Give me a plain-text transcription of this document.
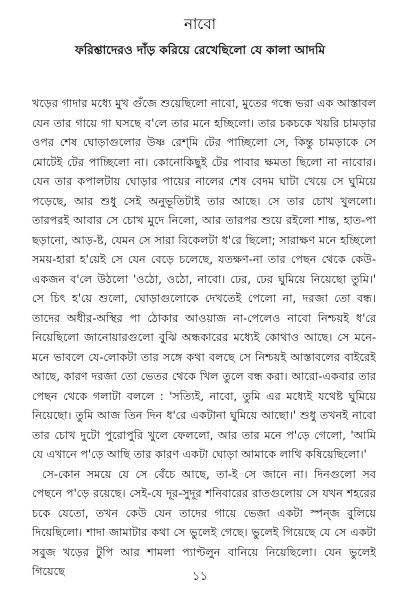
নাবো
ফরিশ্তাদেরও দাঁড় করিয়ে রেখেছিলো যে কালা আদমি

খড়ের গাদার মধ্যে মুখ গুঁজে শুয়েছিলো নাবো, মুতের গন্ধে ভরা এক আস্তাবল যেন তার গায়ে গা ঘসছে ব'লে তার মনে হচ্ছিলো। তার চকচকে খয়রি চামড়ার ওপর শেষ ঘোড়াগুলোর উষ্ণ রেশ্‌মি টের পাচ্ছিলো সে, কিন্তু চামড়াকে সে মোটেই টের পাচ্ছিলো না। কোনোকিছুই টের পাবার ক্ষমতা ছিলো না নাবোর। যেন তার কপালটায় ঘোড়ার পায়ের নালের শেষ বেদম ঘাটা খেয়ে সে ঘুমিয়ে পড়েছে, আর শুধু সেই অনুভূতিটাই তার আছে। সে তার চোখ খুললো। তারপরই আবার সে চোখ মুদে নিলো, আর তারপর শুয়ে রইলো শান্ত, হাত-পা ছড়ানো, আড়-ষ্ট, যেমন সে সারা বিকেলটা ধ'রে ছিলো; সারাক্ষণ মনে হচ্ছিলো সময়-হারা হ'য়েই সে যেন বেড়ে চলেছে, যতক্ষণ-না তার পেছন থেকে কেউ-একজন ব'লে উঠলো 'ওঠো, ওঠো, নাবো। ঢের, ঢের ঘুমিয়ে নিয়েছো তুমি।' সে চিৎ হ'য়ে শুলো, ঘোড়াগুলোকে দেখতেই পেলো না, দরজা তো বন্ধ। তাদের অধীর-অস্থির পা ঠোকার আওয়াজ না-পেলেও নাবো নিশ্চয়ই ধ'রে নিয়েছিলো জানোয়ারগুলো বুঝি অন্ধকারের মধ্যেই কোথাও আছে। সে মনে-মনে ভাবলে যে-লোকটা তার সঙ্গে কথা বলছে সে নিশ্চয়ই আস্তাবলের বাইরেই আছে, কারণ দরজা তো ভেতর থেকে খিল তুলে বন্ধ করা। আরো-একবার তার পেছন থেকে গলাটা বললে : 'সত্যিই, নাবো, তুমি এর মধ্যেই যথেষ্ট ঘুমিয়ে নিয়েছো। তুমি আজ তিন দিন ধ'রে একটানা ঘুমিয়ে আছো।' শুধু তখনই নাবো তার চোখ দুটো পুরোপুরি খুলে ফেললো, আর তার মনে প'ড়ে গেলো, 'আমি যে এখানে প'ড়ে আছি তার কারণ একটা ঘোড়া আমাকে লাথি কষিয়েছিলো।'

সে-কোন সময়ে যে সে বেঁচে আছে, তা-ই সে জানে না। দিনগুলো সব পেছনে প'ড়ে রয়েছে। সেই-যে দূর-সুদূর শনিবারের রাতগুলোয় সে যখন শহরের চকে যেতো, তখন কেউ যেন তাদের গায়ে ভেজা একটা স্পন্জ বুলিয়ে দিয়েছিলো। শাদা জামাটার কথা সে ভুলেই গেছে। ভুলেই গিয়েছে যে সে একটা সবুজ খড়ের টুপি আর শামলা প্যাণ্টলুন বানিয়ে নিয়েছিলো। যেন ভুলেই গিয়েছে	১১
